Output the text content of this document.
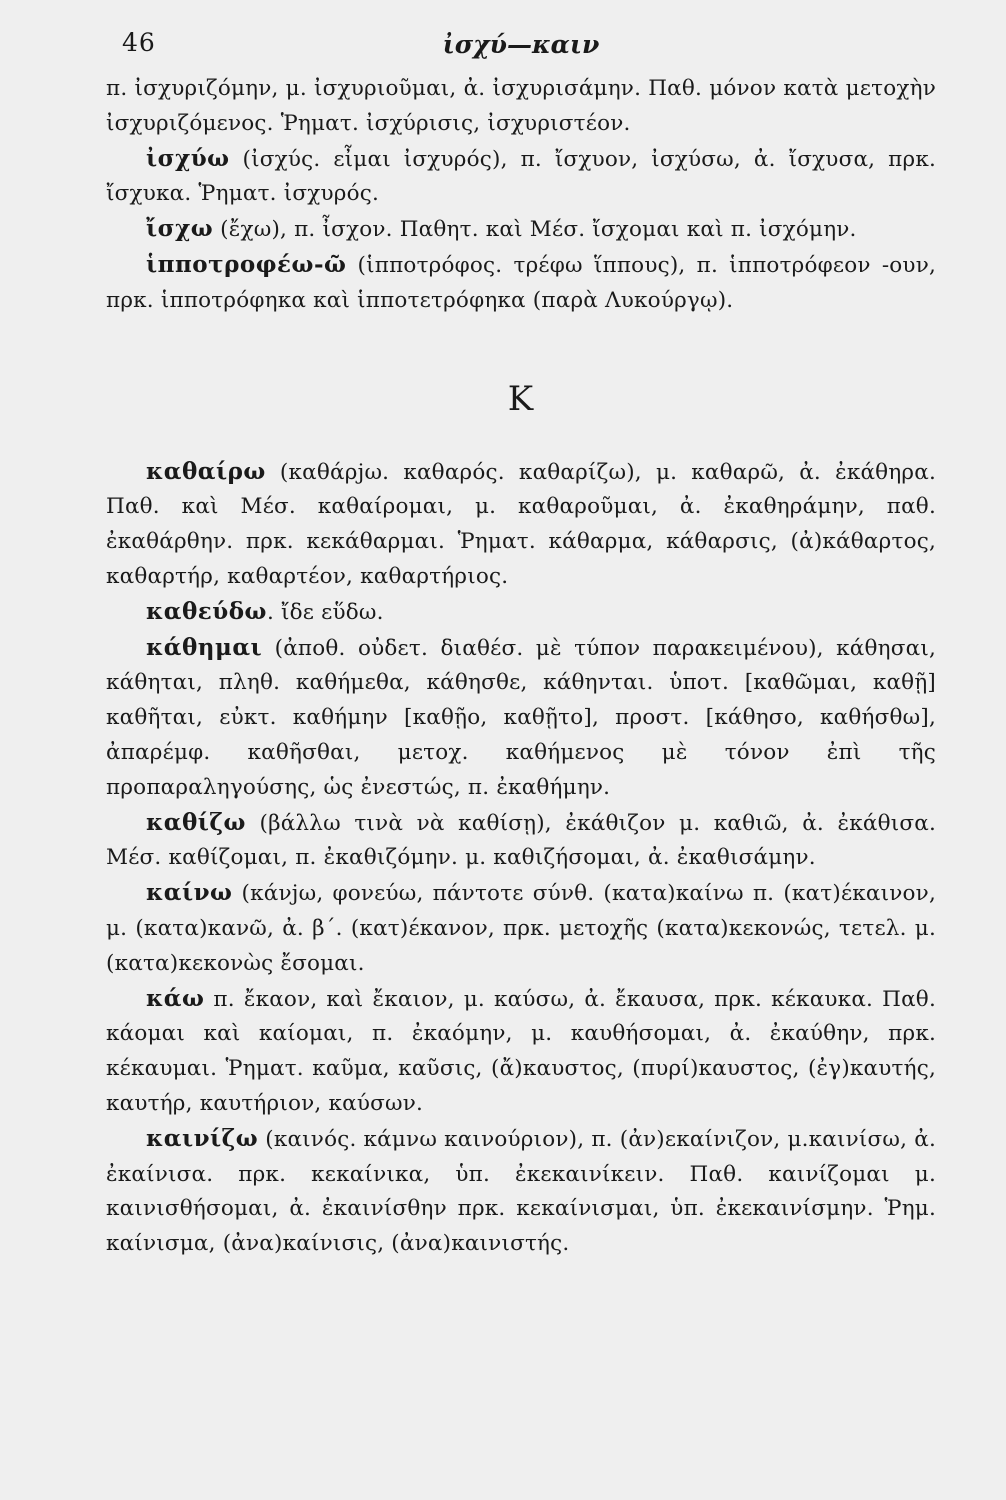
46	ἰσχύ—καιν

π. ἰσχυριζόμην, μ. ἰσχυριοῦμαι, ἀ. ἰσχυρισάμην. Παθ. μόνον κατὰ μετοχὴν ἰσχυριζόμενος. Ῥηματ. ἰσχύρισις, ἰσχυριστέον.

ἰσχύω (ἰσχύς. εἶμαι ἰσχυρός), π. ἴσχυον, ἰσχύσω, ἀ. ἴσχυσα, πρκ. ἴσχυκα. Ῥηματ. ἰσχυρός.

ἴσχω (ἔχω), π. ἶσχον. Παθητ. καὶ Μέσ. ἴσχομαι καὶ π. ἰσχόμην.

ἱπποτροφέω-ῶ (ἱπποτρόφος. τρέφω ἵππους), π. ἱπποτρόφεον -ουν, πρκ. ἱπποτρόφηκα καὶ ἱπποτετρόφηκα (παρὰ Λυκούργῳ).

K

καθαίρω (καθάρjω. καθαρός. καθαρίζω), μ. καθαρῶ, ἀ. ἐκάθηρα. Παθ. καὶ Μέσ. καθαίρομαι, μ. καθαροῦμαι, ἀ. ἐκαθηράμην, παθ. ἐκαθάρθην. πρκ. κεκάθαρμαι. Ῥηματ. κάθαρμα, κάθαρσις, (ἀ)κάθαρτος, καθαρτήρ, καθαρτέον, καθαρτήριος.

καθεύδω. ἴδε εὕδω.

κάθημαι (ἀποθ. οὐδετ. διαθέσ. μὲ τύπον παρακειμένου), κάθησαι, κάθηται, πληθ. καθήμεθα, κάθησθε, κάθηνται. ὑποτ. [καθῶμαι, καθῇ] καθῆται, εὐκτ. καθήμην [καθῇο, καθῇτο], προστ. [κάθησο, καθήσθω], ἀπαρέμφ. καθῆσθαι, μετοχ. καθήμενος μὲ τόνον ἐπὶ τῆς προπαραληγούσης, ὡς ἐνεστώς, π. ἐκαθήμην.

καθίζω (βάλλω τινὰ νὰ καθίσῃ), ἐκάθιζον μ. καθιῶ, ἀ. ἐκάθισα. Μέσ. καθίζομαι, π. ἐκαθιζόμην. μ. καθιζήσομαι, ἀ. ἐκαθισάμην.

καίνω (κάνjω, φονεύω, πάντοτε σύνθ. (κατα)καίνω π. (κατ)έκαινον, μ. (κατα)κανῶ, ἀ. β΄. (κατ)έκανον, πρκ. μετοχῆς (κατα)κεκονώς, τετελ. μ. (κατα)κεκονὼς ἔσομαι.

κάω π. ἔκαον, καὶ ἔκαιον, μ. καύσω, ἀ. ἔκαυσα, πρκ. κέκαυκα. Παθ. κάομαι καὶ καίομαι, π. ἐκαόμην, μ. καυθήσομαι, ἀ. ἐκαύθην, πρκ. κέκαυμαι. Ῥηματ. καῦμα, καῦσις, (ἄ)καυστος, (πυρί)καυστος, (ἐγ)καυτής, καυτήρ, καυτήριον, καύσων.

καινίζω (καινός. κάμνω καινούριον), π. (ἀν)εκαίνιζον, μ.καινίσω, ἀ. ἐκαίνισα. πρκ. κεκαίνικα, ὑπ. ἐκεκαινίκειν. Παθ. καινίζομαι μ. καινισθήσομαι, ἀ. ἐκαινίσθην πρκ. κεκαίνισμαι, ὑπ. ἐκεκαινίσμην. Ῥημ. καίνισμα, (ἀνα)καίνισις, (ἀνα)καινιστής.
